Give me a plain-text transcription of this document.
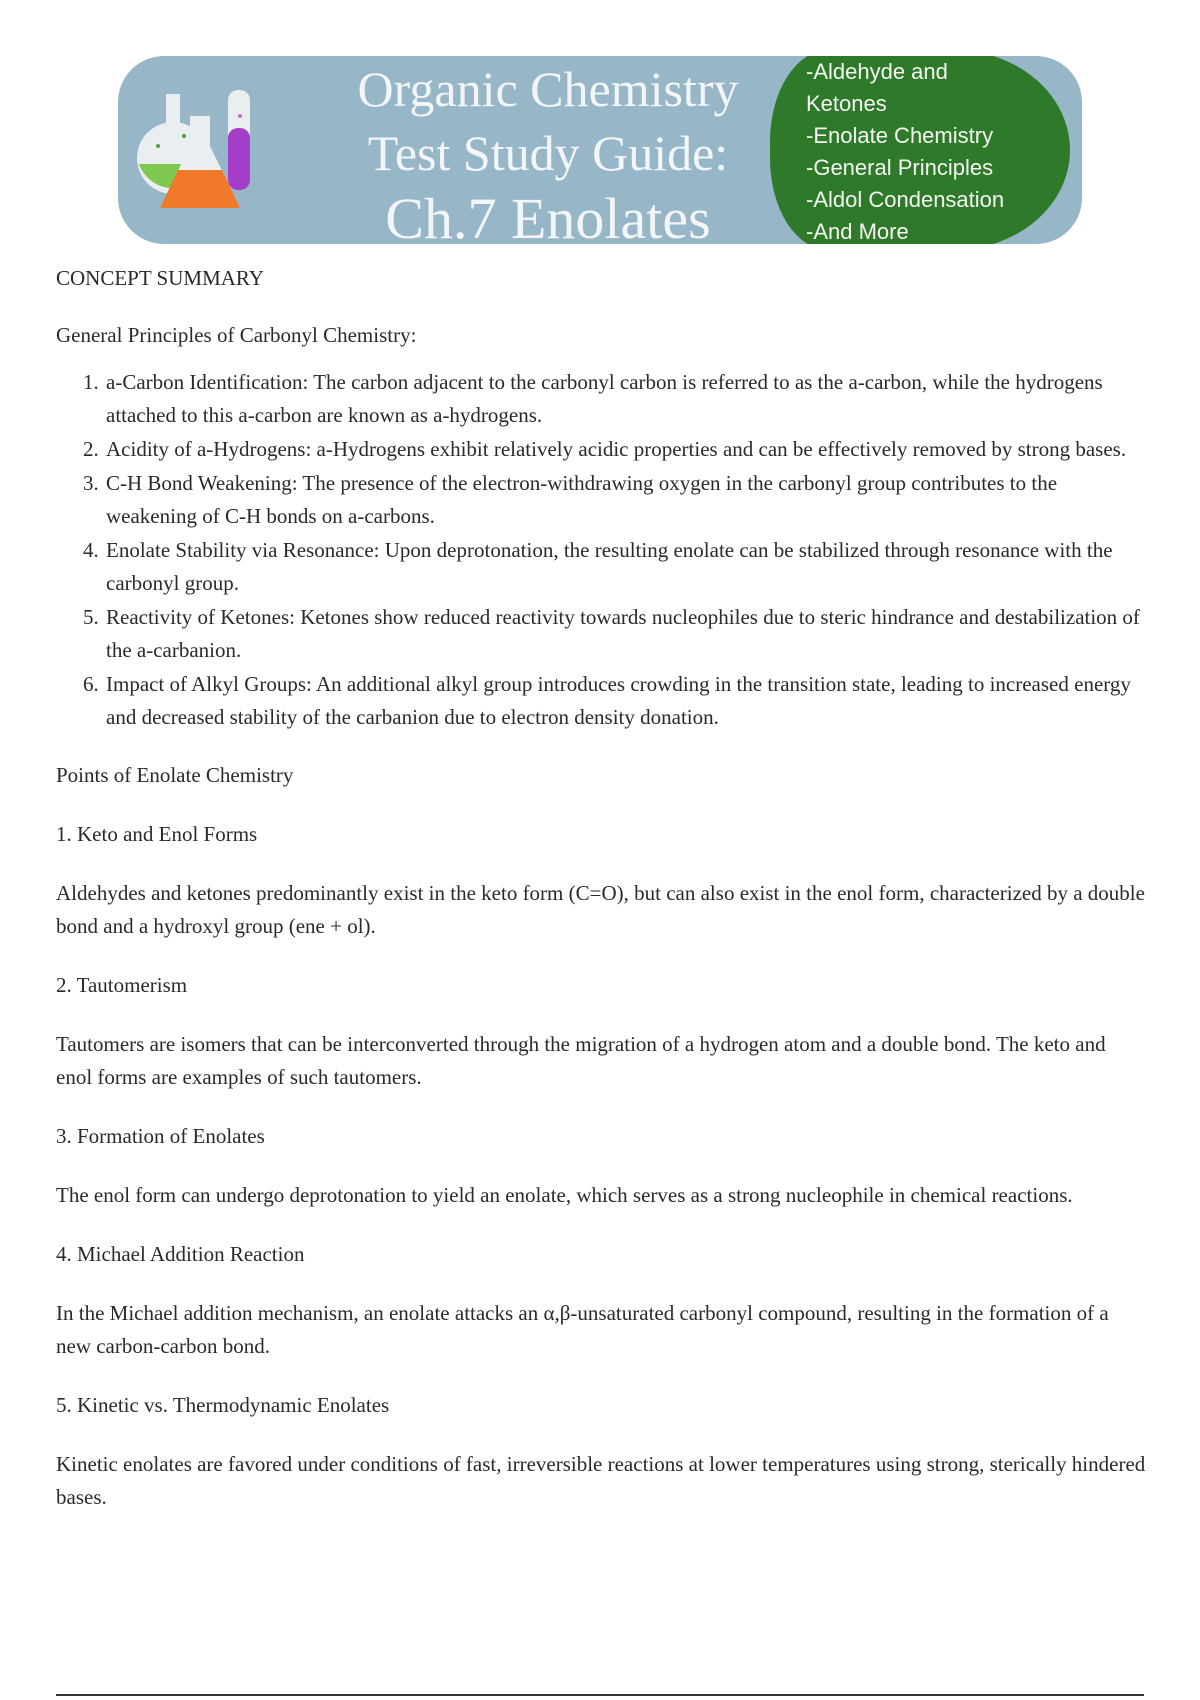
Organic Chemistry
Test Study Guide:
Ch.7 Enolates
-Aldehyde and
Ketones
-Enolate Chemistry
-General Principles
-Aldol Condensation
-And More

CONCEPT SUMMARY

General Principles of Carbonyl Chemistry:

1. a-Carbon Identification: The carbon adjacent to the carbonyl carbon is referred to as the a-carbon, while the hydrogens attached to this a-carbon are known as a-hydrogens.
2. Acidity of a-Hydrogens: a-Hydrogens exhibit relatively acidic properties and can be effectively removed by strong bases.
3. C-H Bond Weakening: The presence of the electron-withdrawing oxygen in the carbonyl group contributes to the weakening of C-H bonds on a-carbons.
4. Enolate Stability via Resonance: Upon deprotonation, the resulting enolate can be stabilized through resonance with the carbonyl group.
5. Reactivity of Ketones: Ketones show reduced reactivity towards nucleophiles due to steric hindrance and destabilization of the a-carbanion.
6. Impact of Alkyl Groups: An additional alkyl group introduces crowding in the transition state, leading to increased energy and decreased stability of the carbanion due to electron density donation.

Points of Enolate Chemistry

1. Keto and Enol Forms

Aldehydes and ketones predominantly exist in the keto form (C=O), but can also exist in the enol form, characterized by a double bond and a hydroxyl group (ene + ol).

2. Tautomerism

Tautomers are isomers that can be interconverted through the migration of a hydrogen atom and a double bond. The keto and enol forms are examples of such tautomers.

3. Formation of Enolates

The enol form can undergo deprotonation to yield an enolate, which serves as a strong nucleophile in chemical reactions.

4. Michael Addition Reaction

In the Michael addition mechanism, an enolate attacks an α,β-unsaturated carbonyl compound, resulting in the formation of a new carbon-carbon bond.

5. Kinetic vs. Thermodynamic Enolates

Kinetic enolates are favored under conditions of fast, irreversible reactions at lower temperatures using strong, sterically hindered bases.
